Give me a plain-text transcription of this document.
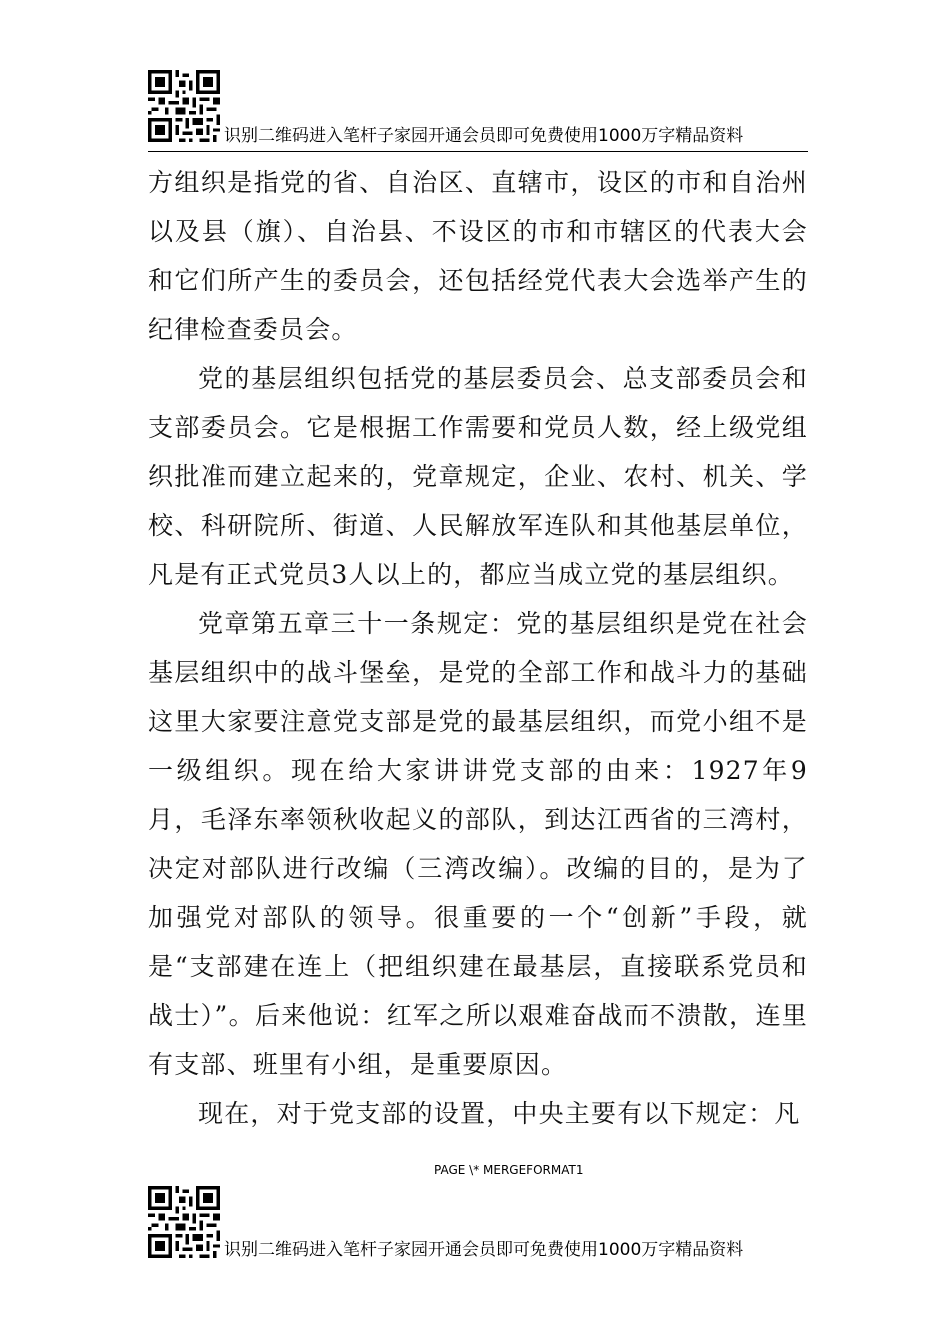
识别二维码进入笔杆子家园开通会员即可免费使用1000万字精品资料

方组织是指党的省、自治区、直辖市，设区的市和自治州以及县（旗）、自治县、不设区的市和市辖区的代表大会和它们所产生的委员会，还包括经党代表大会选举产生的纪律检查委员会。

党的基层组织包括党的基层委员会、总支部委员会和支部委员会。它是根据工作需要和党员人数，经上级党组织批准而建立起来的，党章规定，企业、农村、机关、学校、科研院所、街道、人民解放军连队和其他基层单位，凡是有正式党员3人以上的，都应当成立党的基层组织。

党章第五章三十一条规定：党的基层组织是党在社会基层组织中的战斗堡垒，是党的全部工作和战斗力的基础这里大家要注意党支部是党的最基层组织，而党小组不是一级组织。现在给大家讲讲党支部的由来：1927年9月，毛泽东率领秋收起义的部队，到达江西省的三湾村，决定对部队进行改编（三湾改编）。改编的目的，是为了加强党对部队的领导。很重要的一个“创新”手段，就是“支部建在连上（把组织建在最基层，直接联系党员和战士）”。后来他说：红军之所以艰难奋战而不溃散，连里有支部、班里有小组，是重要原因。

现在，对于党支部的设置，中央主要有以下规定：凡

PAGE \* MERGEFORMAT1
识别二维码进入笔杆子家园开通会员即可免费使用1000万字精品资料
